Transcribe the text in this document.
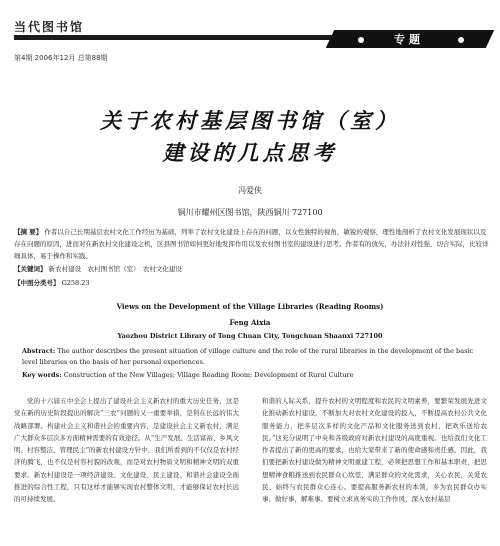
当代图书馆
专题
第4期 2006年12月 总第88期
关于农村基层图书馆（室）
建设的几点思考
冯爱侠
铜川市耀州区图书馆，陕西铜川 727100
【摘 要】 作者以自己长期基层农村文化工作经历为基础，列举了农村文化建设上存在的问题，以女性独特的视角，敏锐的观察，理性地剖析了农村文化发展现状以及存在问题的原因，进而对在新农村文化建设之机，区县图书馆如何更好地发挥作用以及农村图书室的建设进行思考。作者有的放矢，办法针对性强，切合实际，比较详细具体，易于操作和实践。
【关键词】 新农村建设　农村图书馆（室）　农村文化建设
【中图分类号】 G258.23
Views on the Development of the Village Libraries (Reading Rooms)
Feng Aixia
Yaozhou District Library of Tong Chuan City, Tongchuan Shaanxi 727100
Abstract: The author describes the present situation of village culture and the role of the rural libraries in the development of the basic level libraries on the basis of her personal experiences.
Key words: Construction of the New Villages; Village Reading Room; Development of Rural Culture
党的十六届五中全会上提出了建设社会主义新农村的重大历史任务，这是党在新的历史阶段提出的解决“三农”问题的又一重要举措，是利在长远的伟大战略部署。构建社会主义和谐社会的重要内容，是建设社会主义新农村，满足广大群众多层次多方面精神需要的有效途径。从“生产发展、生活富裕、乡风文明、村容整洁、管理民主”的新农村建设方针中，我们所看到的不仅仅是农村经济的腾飞，也不仅是村容村貌的改观，而是对农村物质文明和精神文明的双重要求。新农村建设是一项经济建设、文化建设、民主建设、和谐社会建设全面推进的综合性工程，只有这样才能够实现农村整体文明，才能够保证农村长远的可持续发展。
和谐的人际关系，提升农村的文明程度和农民的文明素养，要繁荣发展先进文化推动新农村建设，不断加大对农村文化建设的投入，不断提高农村公共文化服务能力，把多层次多样的文化产品和文化服务送到农村，把欢乐送给农民。”这充分说明了中央和各级政府对新农村建设的高度重视。也给我们文化工作者提出了新的更高的要求，也给大家带来了新的使命感和责任感。因此，我们要把新农村建设做为精神文明重建工程，必须把思想工作和基本职责，把思想精神食粮推送到农民群众心坎里，满足群众的文化需求，关心农民，关爱农民，始终与农民群众心连心。要提高服务新农村的本领，多为农民群众办实事、做好事，解难事。要树立求真务实的工作作风，深入农村基层
